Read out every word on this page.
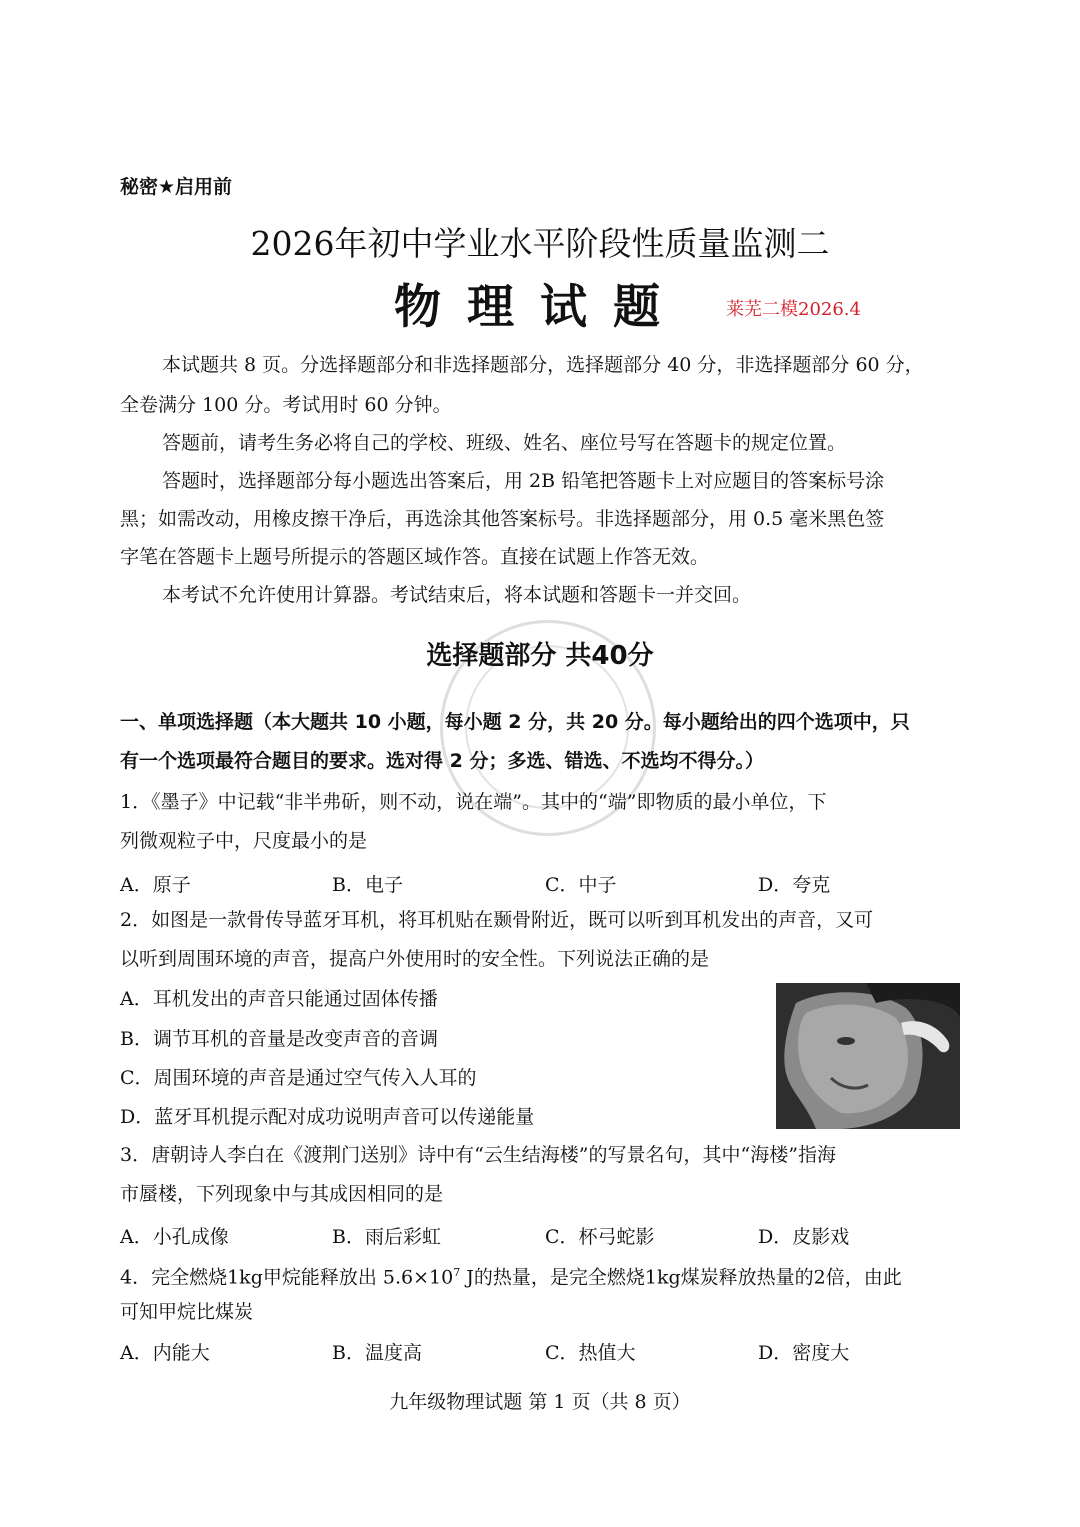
秘密★启用前
2026年初中学业水平阶段性质量监测二
物理试题	莱芜二模2026.4
本试题共 8 页。分选择题部分和非选择题部分，选择题部分 40 分，非选择题部分 60 分，
全卷满分 100 分。考试用时 60 分钟。
答题前，请考生务必将自己的学校、班级、姓名、座位号写在答题卡的规定位置。
答题时，选择题部分每小题选出答案后，用 2B 铅笔把答题卡上对应题目的答案标号涂
黑；如需改动，用橡皮擦干净后，再选涂其他答案标号。非选择题部分，用 0.5 毫米黑色签
字笔在答题卡上题号所提示的答题区域作答。直接在试题上作答无效。
本考试不允许使用计算器。考试结束后，将本试题和答题卡一并交回。
选择题部分 共40分
一、单项选择题（本大题共 10 小题，每小题 2 分，共 20 分。每小题给出的四个选项中，只
有一个选项最符合题目的要求。选对得 2 分；多选、错选、不选均不得分。）
1．《墨子》中记载“非半弗斫，则不动，说在端”。其中的“端”即物质的最小单位，下
列微观粒子中，尺度最小的是
A．原子	B．电子	C．中子	D．夸克
2．如图是一款骨传导蓝牙耳机，将耳机贴在颞骨附近，既可以听到耳机发出的声音，又可
以听到周围环境的声音，提高户外使用时的安全性。下列说法正确的是
A．耳机发出的声音只能通过固体传播
B．调节耳机的音量是改变声音的音调
C．周围环境的声音是通过空气传入人耳的
D．蓝牙耳机提示配对成功说明声音可以传递能量
3．唐朝诗人李白在《渡荆门送别》诗中有“云生结海楼”的写景名句，其中“海楼”指海
市蜃楼，下列现象中与其成因相同的是
A．小孔成像	B．雨后彩虹	C．杯弓蛇影	D．皮影戏
4．完全燃烧1kg甲烷能释放出 $5.6\times 10^7$ J的热量，是完全燃烧1kg煤炭释放热量的2倍，由此
可知甲烷比煤炭
A．内能大	B．温度高	C．热值大	D．密度大
九年级物理试题 第 1 页（共 8 页）
